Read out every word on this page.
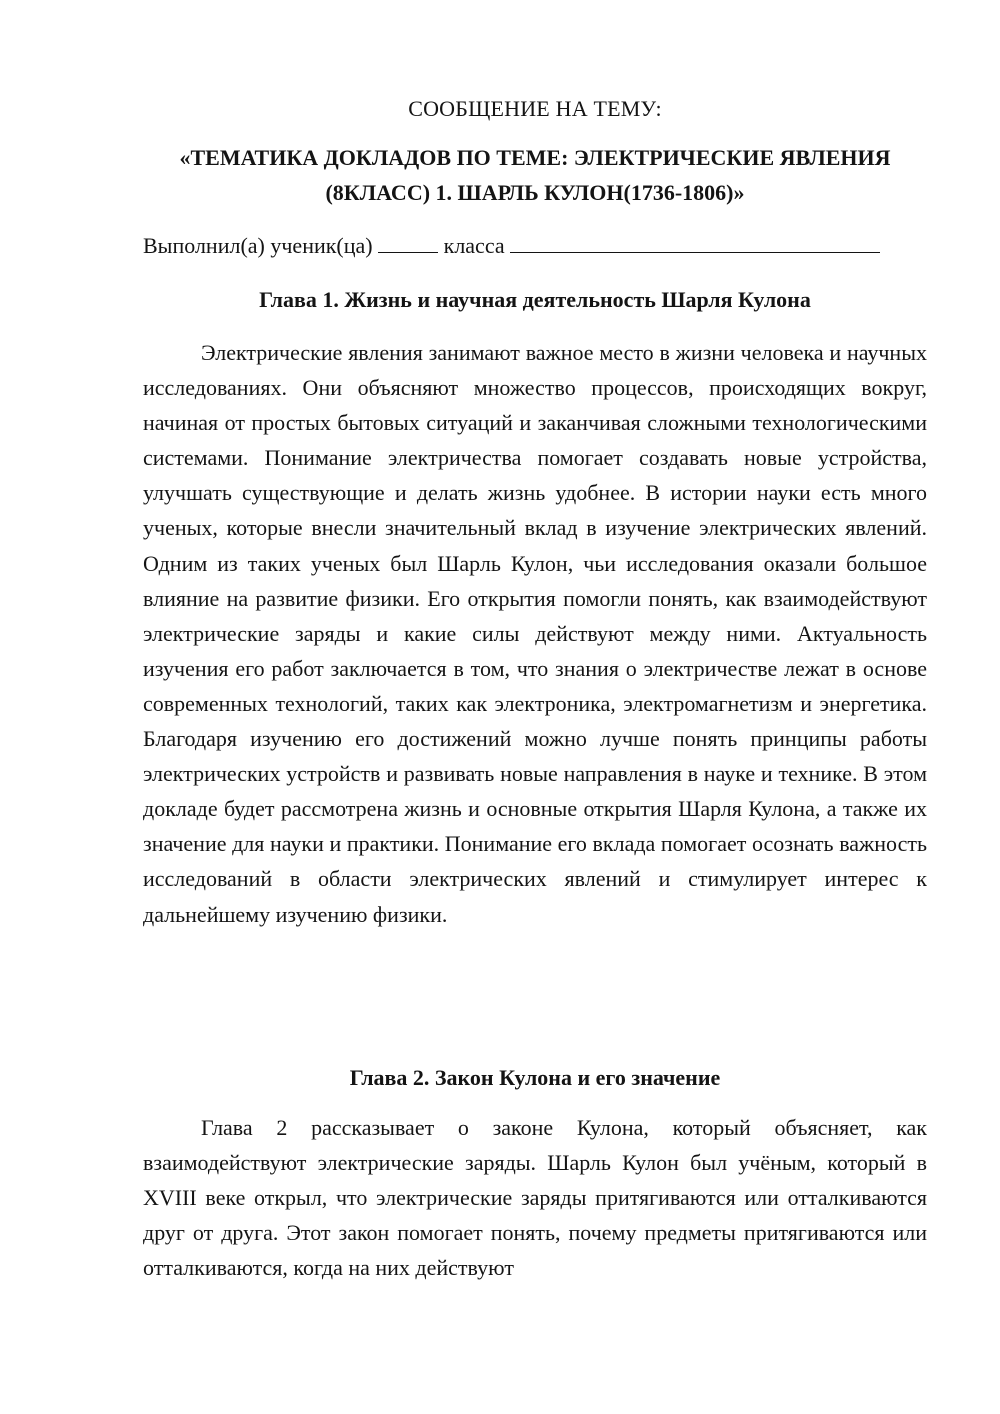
СООБЩЕНИЕ НА ТЕМУ:
«ТЕМАТИКА ДОКЛАДОВ ПО ТЕМЕ: ЭЛЕКТРИЧЕСКИЕ ЯВЛЕНИЯ (8КЛАСС) 1. ШАРЛЬ КУЛОН(1736-1806)»
Выполнил(а) ученик(ца)	класса
Глава 1. Жизнь и научная деятельность Шарля Кулона

Электрические явления занимают важное место в жизни человека и научных исследованиях. Они объясняют множество процессов, происходящих вокруг, начиная от простых бытовых ситуаций и заканчивая сложными технологическими системами. Понимание электричества помогает создавать новые устройства, улучшать существующие и делать жизнь удобнее. В истории науки есть много ученых, которые внесли значительный вклад в изучение электрических явлений. Одним из таких ученых был Шарль Кулон, чьи исследования оказали большое влияние на развитие физики. Его открытия помогли понять, как взаимодействуют электрические заряды и какие силы действуют между ними. Актуальность изучения его работ заключается в том, что знания о электричестве лежат в основе современных технологий, таких как электроника, электромагнетизм и энергетика. Благодаря изучению его достижений можно лучше понять принципы работы электрических устройств и развивать новые направления в науке и технике. В этом докладе будет рассмотрена жизнь и основные открытия Шарля Кулона, а также их значение для науки и практики. Понимание его вклада помогает осознать важность исследований в области электрических явлений и стимулирует интерес к дальнейшему изучению физики.

Глава 2. Закон Кулона и его значение

Глава 2 рассказывает о законе Кулона, который объясняет, как взаимодействуют электрические заряды. Шарль Кулон был учёным, который в XVIII веке открыл, что электрические заряды притягиваются или отталкиваются друг от друга. Этот закон помогает понять, почему предметы притягиваются или отталкиваются, когда на них действуют
